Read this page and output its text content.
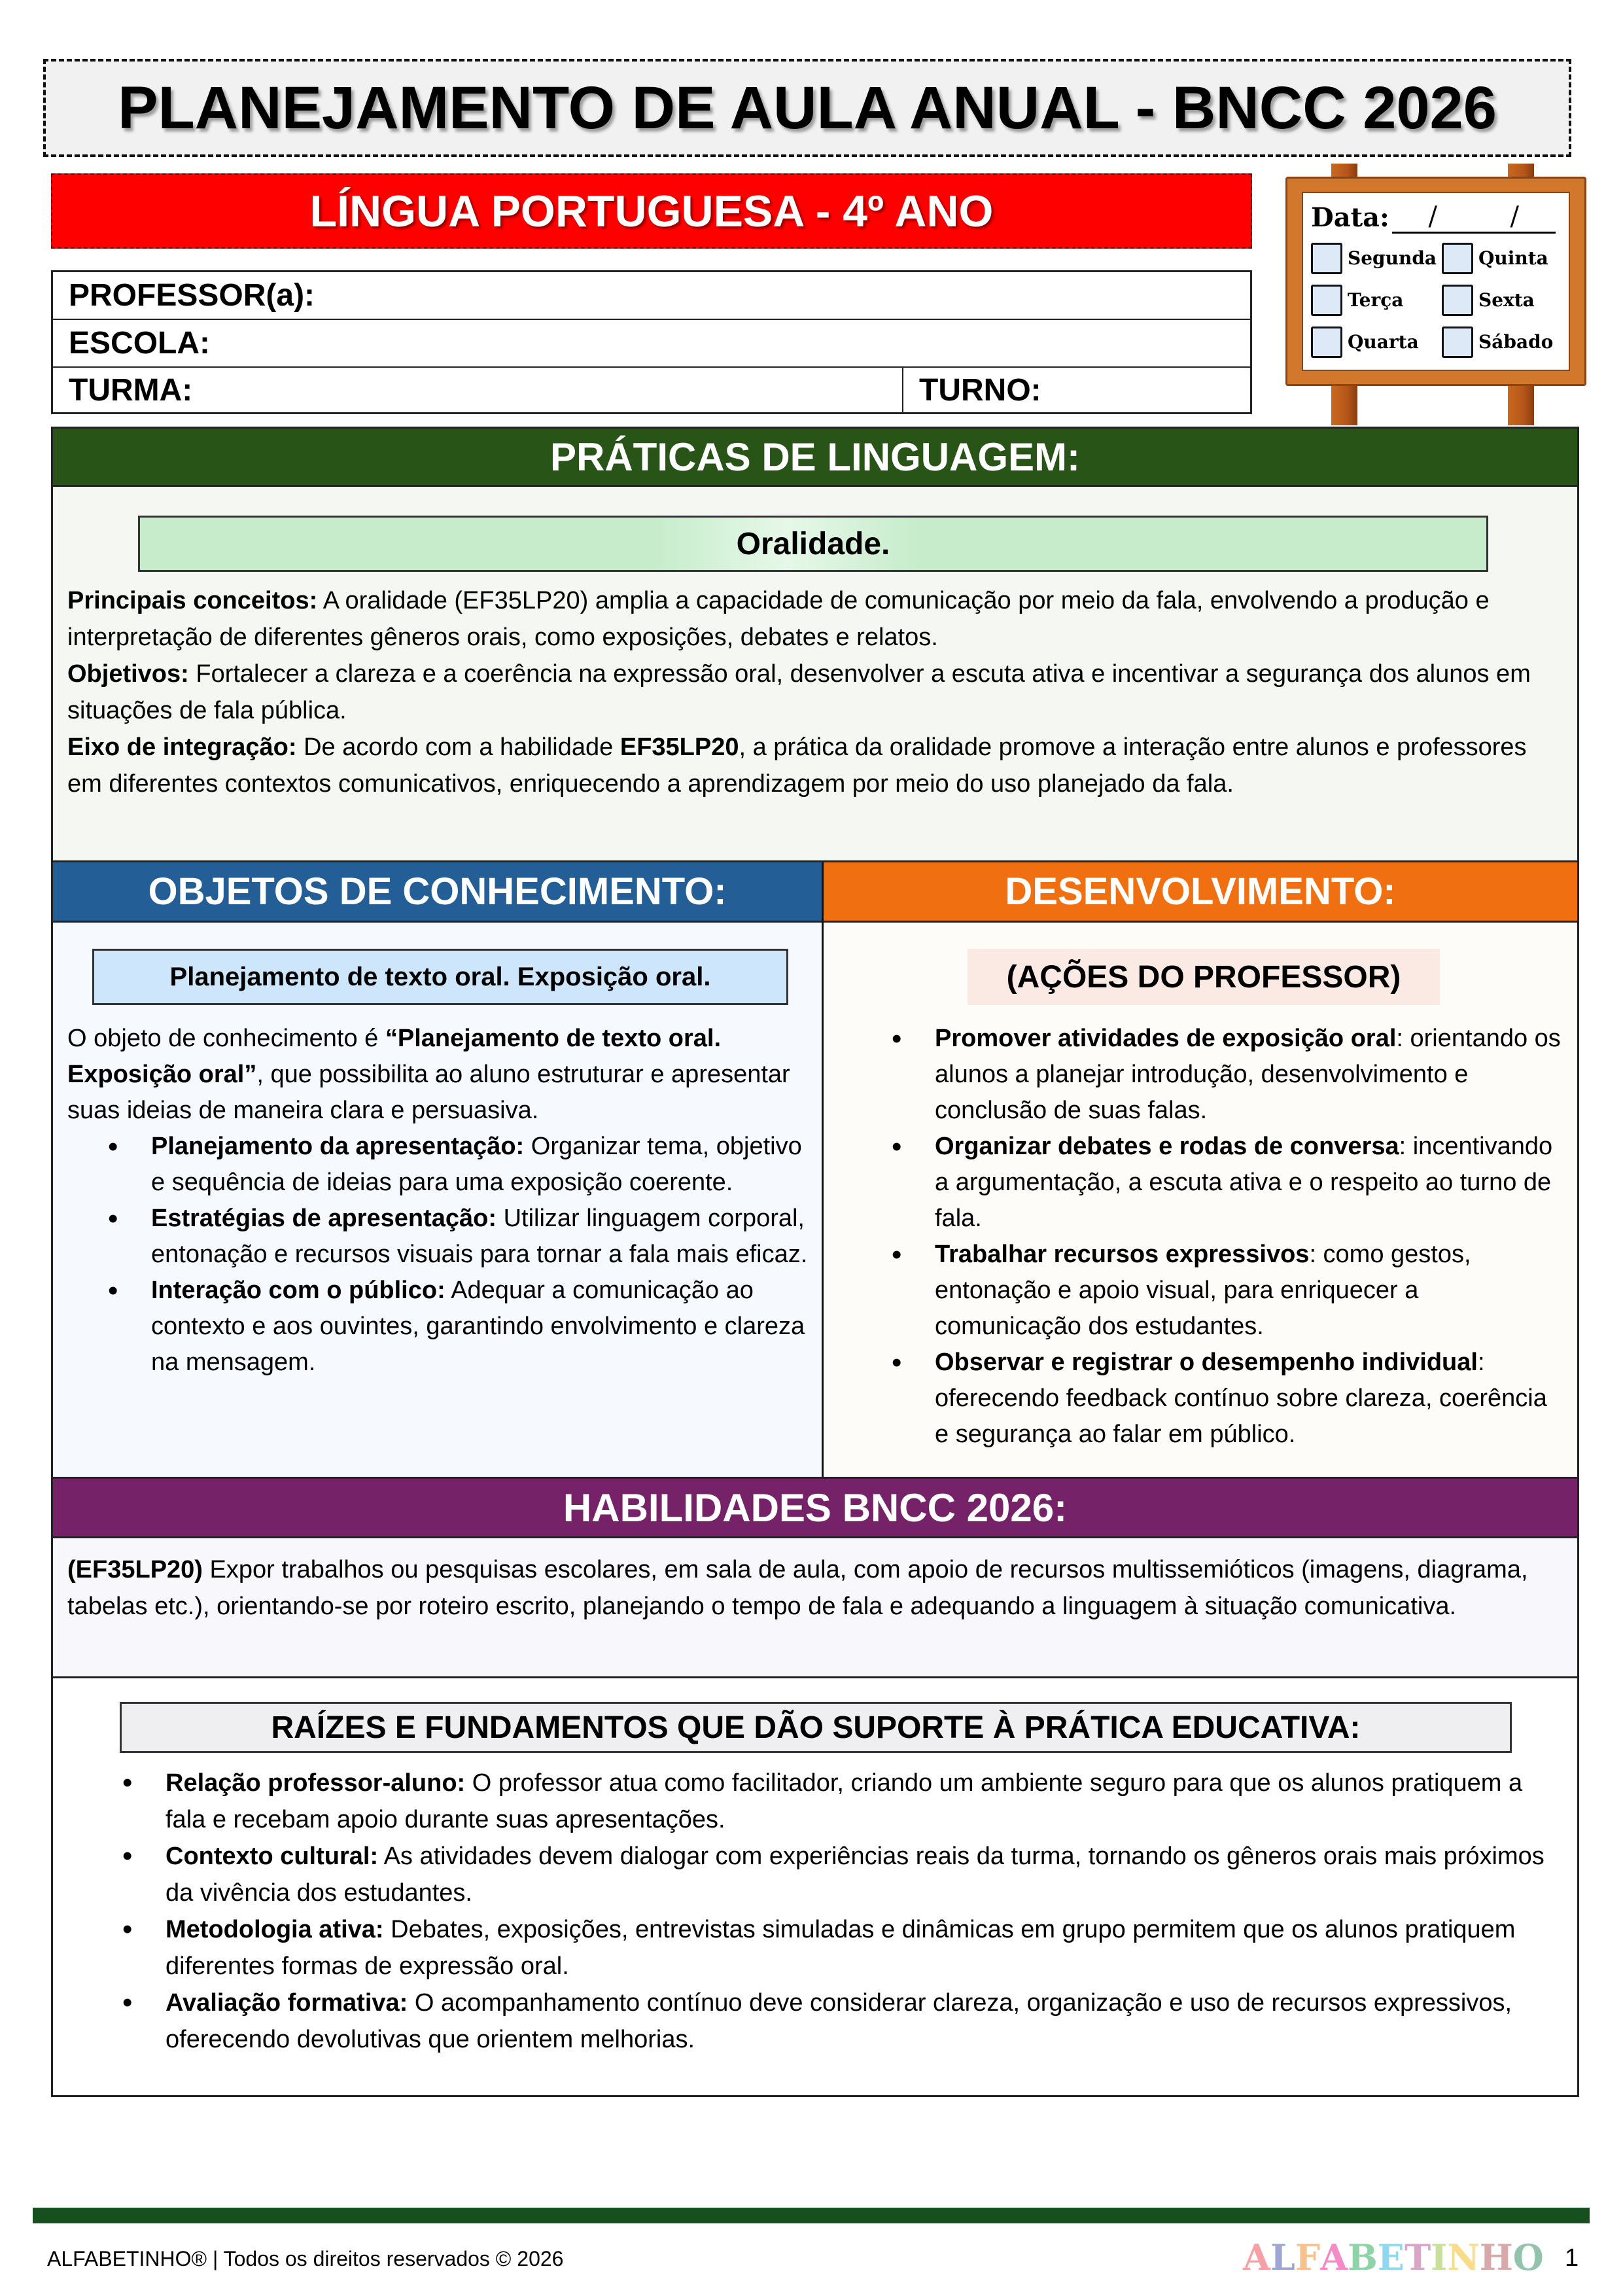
PLANEJAMENTO DE AULA ANUAL - BNCC 2026
LÍNGUA PORTUGUESA - 4º ANO
PROFESSOR(a):
ESCOLA:
TURMA:	TURNO:
Data: /	/
Segunda Quinta
Terça	Sexta
Quarta	Sábado
PRÁTICAS DE LINGUAGEM:
Oralidade.
Principais conceitos: A oralidade (EF35LP20) amplia a capacidade de comunicação por meio da fala, envolvendo a produção e interpretação de diferentes gêneros orais, como exposições, debates e relatos.
Objetivos: Fortalecer a clareza e a coerência na expressão oral, desenvolver a escuta ativa e incentivar a segurança dos alunos em situações de fala pública.
Eixo de integração: De acordo com a habilidade EF35LP20, a prática da oralidade promove a interação entre alunos e professores em diferentes contextos comunicativos, enriquecendo a aprendizagem por meio do uso planejado da fala.
OBJETOS DE CONHECIMENTO:
Planejamento de texto oral. Exposição oral.
O objeto de conhecimento é “Planejamento de texto oral. Exposição oral”, que possibilita ao aluno estruturar e apresentar suas ideias de maneira clara e persuasiva.
• Planejamento da apresentação: Organizar tema, objetivo e sequência de ideias para uma exposição coerente.
• Estratégias de apresentação: Utilizar linguagem corporal, entonação e recursos visuais para tornar a fala mais eficaz.
• Interação com o público: Adequar a comunicação ao contexto e aos ouvintes, garantindo envolvimento e clareza na mensagem.
DESENVOLVIMENTO:
(AÇÕES DO PROFESSOR)
• Promover atividades de exposição oral: orientando os alunos a planejar introdução, desenvolvimento e conclusão de suas falas.
• Organizar debates e rodas de conversa: incentivando a argumentação, a escuta ativa e o respeito ao turno de fala.
• Trabalhar recursos expressivos: como gestos, entonação e apoio visual, para enriquecer a comunicação dos estudantes.
• Observar e registrar o desempenho individual: oferecendo feedback contínuo sobre clareza, coerência e segurança ao falar em público.
HABILIDADES BNCC 2026:
(EF35LP20) Expor trabalhos ou pesquisas escolares, em sala de aula, com apoio de recursos multissemióticos (imagens, diagrama, tabelas etc.), orientando-se por roteiro escrito, planejando o tempo de fala e adequando a linguagem à situação comunicativa.
RAÍZES E FUNDAMENTOS QUE DÃO SUPORTE À PRÁTICA EDUCATIVA:
• Relação professor-aluno: O professor atua como facilitador, criando um ambiente seguro para que os alunos pratiquem a fala e recebam apoio durante suas apresentações.
• Contexto cultural: As atividades devem dialogar com experiências reais da turma, tornando os gêneros orais mais próximos da vivência dos estudantes.
• Metodologia ativa: Debates, exposições, entrevistas simuladas e dinâmicas em grupo permitem que os alunos pratiquem diferentes formas de expressão oral.
• Avaliação formativa: O acompanhamento contínuo deve considerar clareza, organização e uso de recursos expressivos, oferecendo devolutivas que orientem melhorias.
ALFABETINHO® | Todos os direitos reservados © 2026	ALFABETINHO 1
